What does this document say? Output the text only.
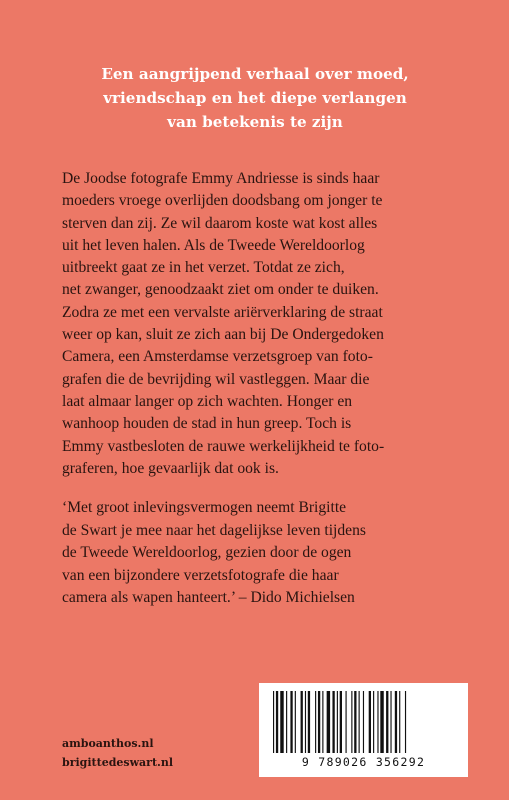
Een aangrijpend verhaal over moed,
vriendschap en het diepe verlangen
van betekenis te zijn
De Joodse fotografe Emmy Andriesse is sinds haar
moeders vroege overlijden doodsbang om jonger te
sterven dan zij. Ze wil daarom koste wat kost alles
uit het leven halen. Als de Tweede Wereldoorlog
uitbreekt gaat ze in het verzet. Totdat ze zich,
net zwanger, genoodzaakt ziet om onder te duiken.
Zodra ze met een vervalste ariërverklaring de straat
weer op kan, sluit ze zich aan bij De Ondergedoken
Camera, een Amsterdamse verzetsgroep van foto-
grafen die de bevrijding wil vastleggen. Maar die
laat almaar langer op zich wachten. Honger en
wanhoop houden de stad in hun greep. Toch is
Emmy vastbesloten de rauwe werkelijkheid te foto-
graferen, hoe gevaarlijk dat ook is.
‘Met groot inlevingsvermogen neemt Brigitte
de Swart je mee naar het dagelijkse leven tijdens
de Tweede Wereldoorlog, gezien door de ogen
van een bijzondere verzetsfotografe die haar
camera als wapen hanteert.’ – Dido Michielsen
amboanthos.nl
brigittedeswart.nl	9 789026 356292
